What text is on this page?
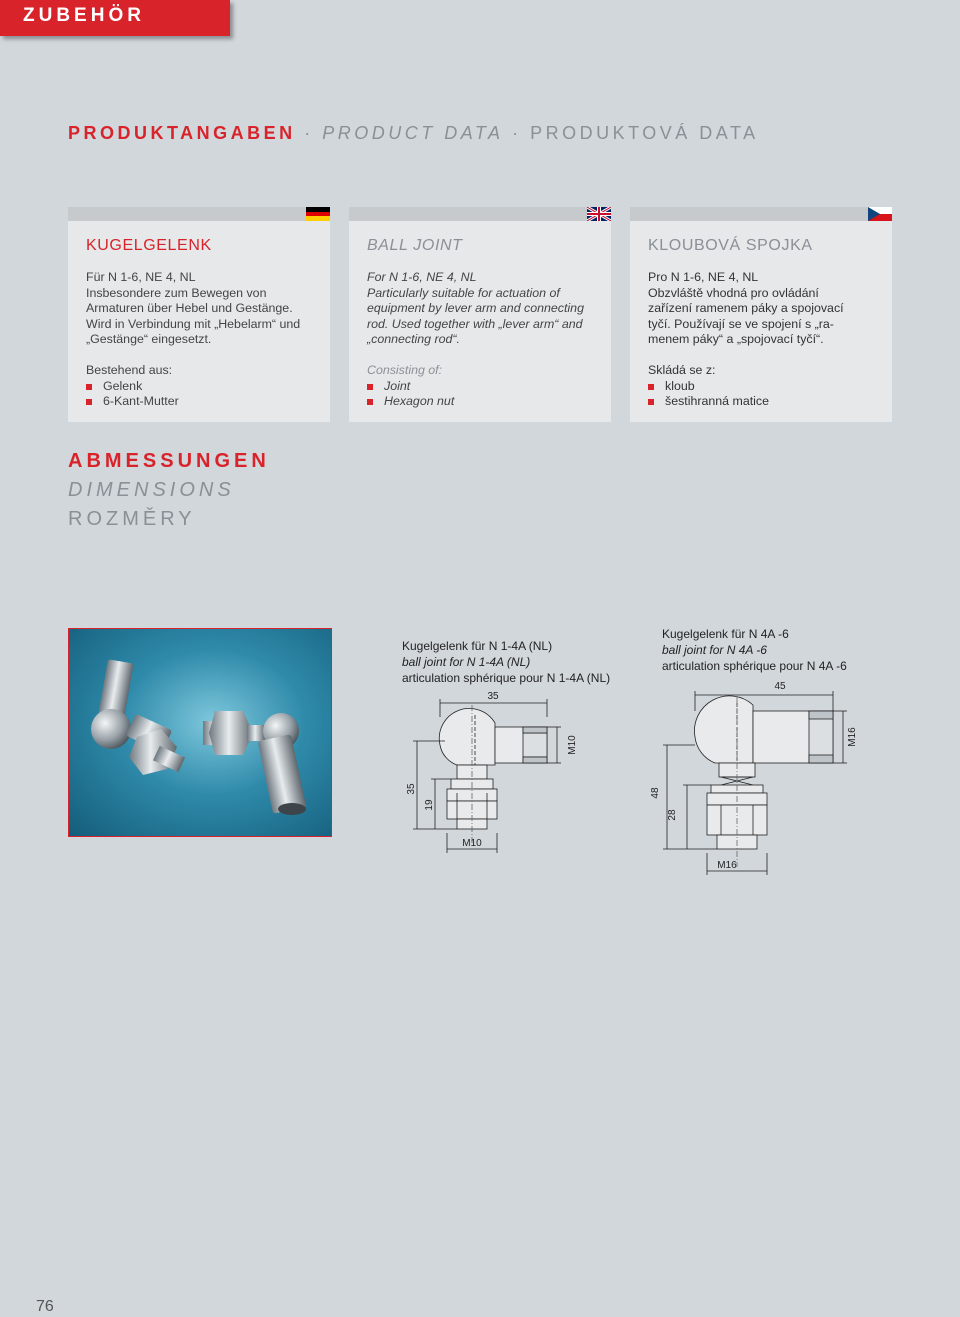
ZUBEHÖR
PRODUKTANGABEN · PRODUCT DATA · PRODUKTOVÁ DATA
KUGELGELENK
Für N 1-6, NE 4, NL
Insbesondere zum Bewegen von
Armaturen über Hebel und Gestänge.
Wird in Verbindung mit „Hebelarm“ und
„Gestänge“ eingesetzt.
Bestehend aus:
Gelenk
6-Kant-Mutter
BALL JOINT
For N 1-6, NE 4, NL
Particularly suitable for actuation of
equipment by lever arm and connecting
rod. Used together with „lever arm“ and
„connecting rod“.
Consisting of:
Joint
Hexagon nut
KLOUBOVÁ SPOJKA
Pro N 1-6, NE 4, NL
Obzvláště vhodná pro ovládání
zařízení ramenem páky a spojovací
tyčí. Používají se ve spojení s „ra-
menem páky“ a „spojovací tyčí“.
Skládá se z:
kloub
šestihranná matice
ABMESSUNGEN
DIMENSIONS
ROZMĚRY
Kugelgelenk für N 1-4A (NL)
ball joint for N 1-4A (NL)
articulation sphérique pour N 1-4A (NL)
35
35
19
M10
M10
Kugelgelenk für N 4A -6
ball joint for N 4A -6
articulation sphérique pour N 4A -6
45
48
28
M16
M16
76
